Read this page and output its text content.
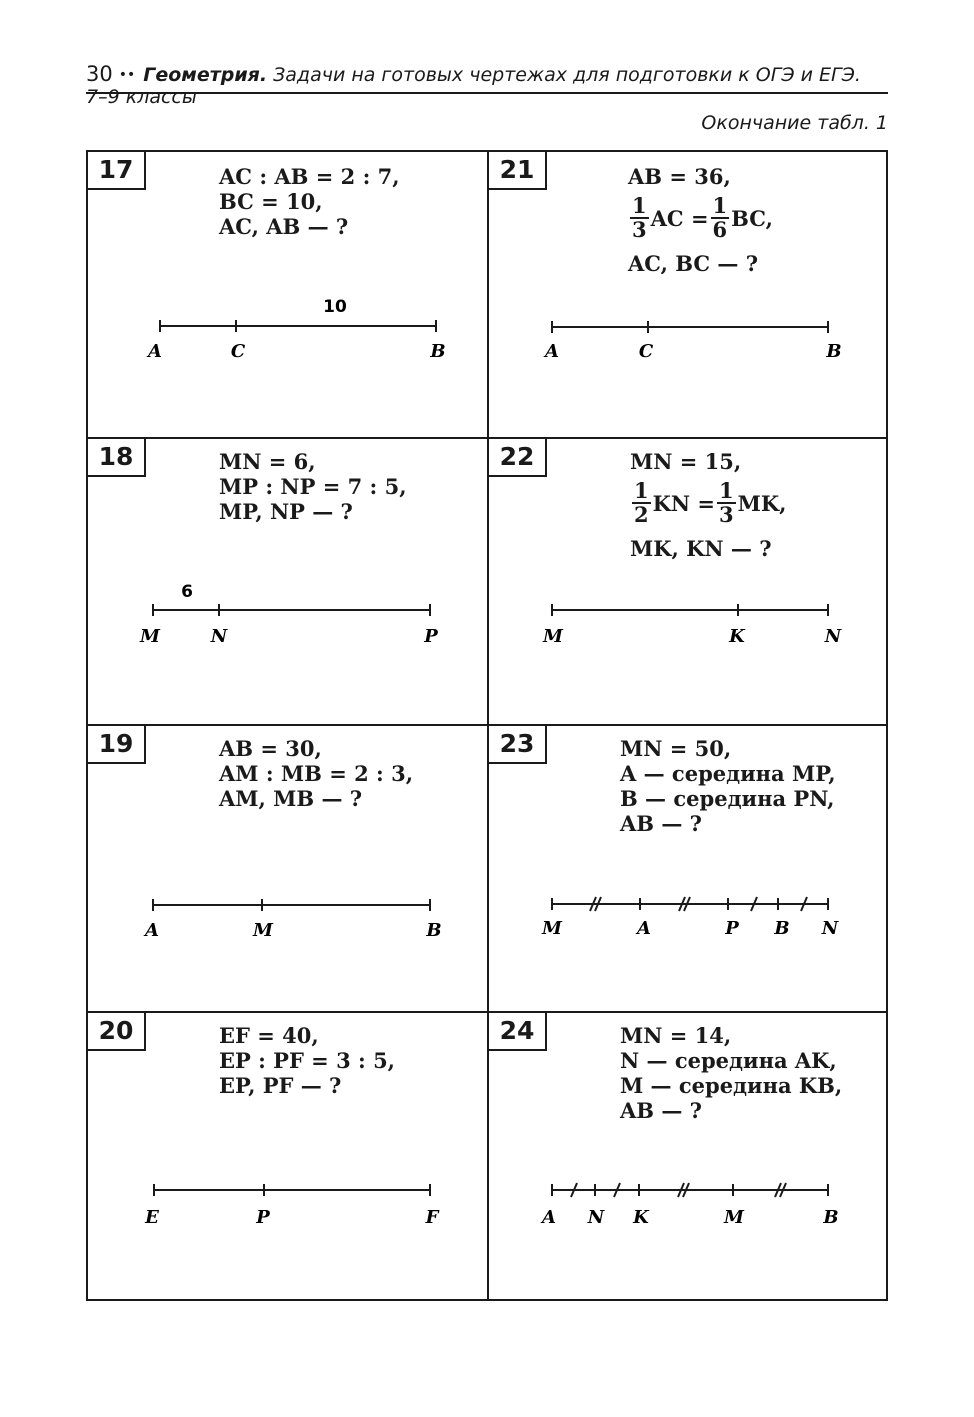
30 •• Геометрия. Задачи на готовых чертежах для подготовки к ОГЭ и ЕГЭ. 7–9 классы
Окончание табл. 1
17	AC : AB = 2 : 7,
BC = 10,
AC, AB — ?
10
A	C	B
21	AB = 36,
$\frac{1}{3}$ AC = $\frac{1}{6}$ BC,
AC, BC — ?
A	C	B
18	MN = 6,
MP : NP = 7 : 5,
MP, NP — ?
6
M	N	P
22	MN = 15,
$\frac{1}{2}$ KN = $\frac{1}{3}$ MK,
MK, KN — ?
M	K	N
19	AB = 30,
AM : MB = 2 : 3,
AM, MB — ?
A	M	B
23	MN = 50,
A — середина MP,
B — середина PN,
AB — ?
M	A	P B N
20	EF = 40,
EP : PF = 3 : 5,
EP, PF — ?
E	P	F
24	MN = 14,
N — середина AK,
M — середина KB,
AB — ?
A N K	M	B
